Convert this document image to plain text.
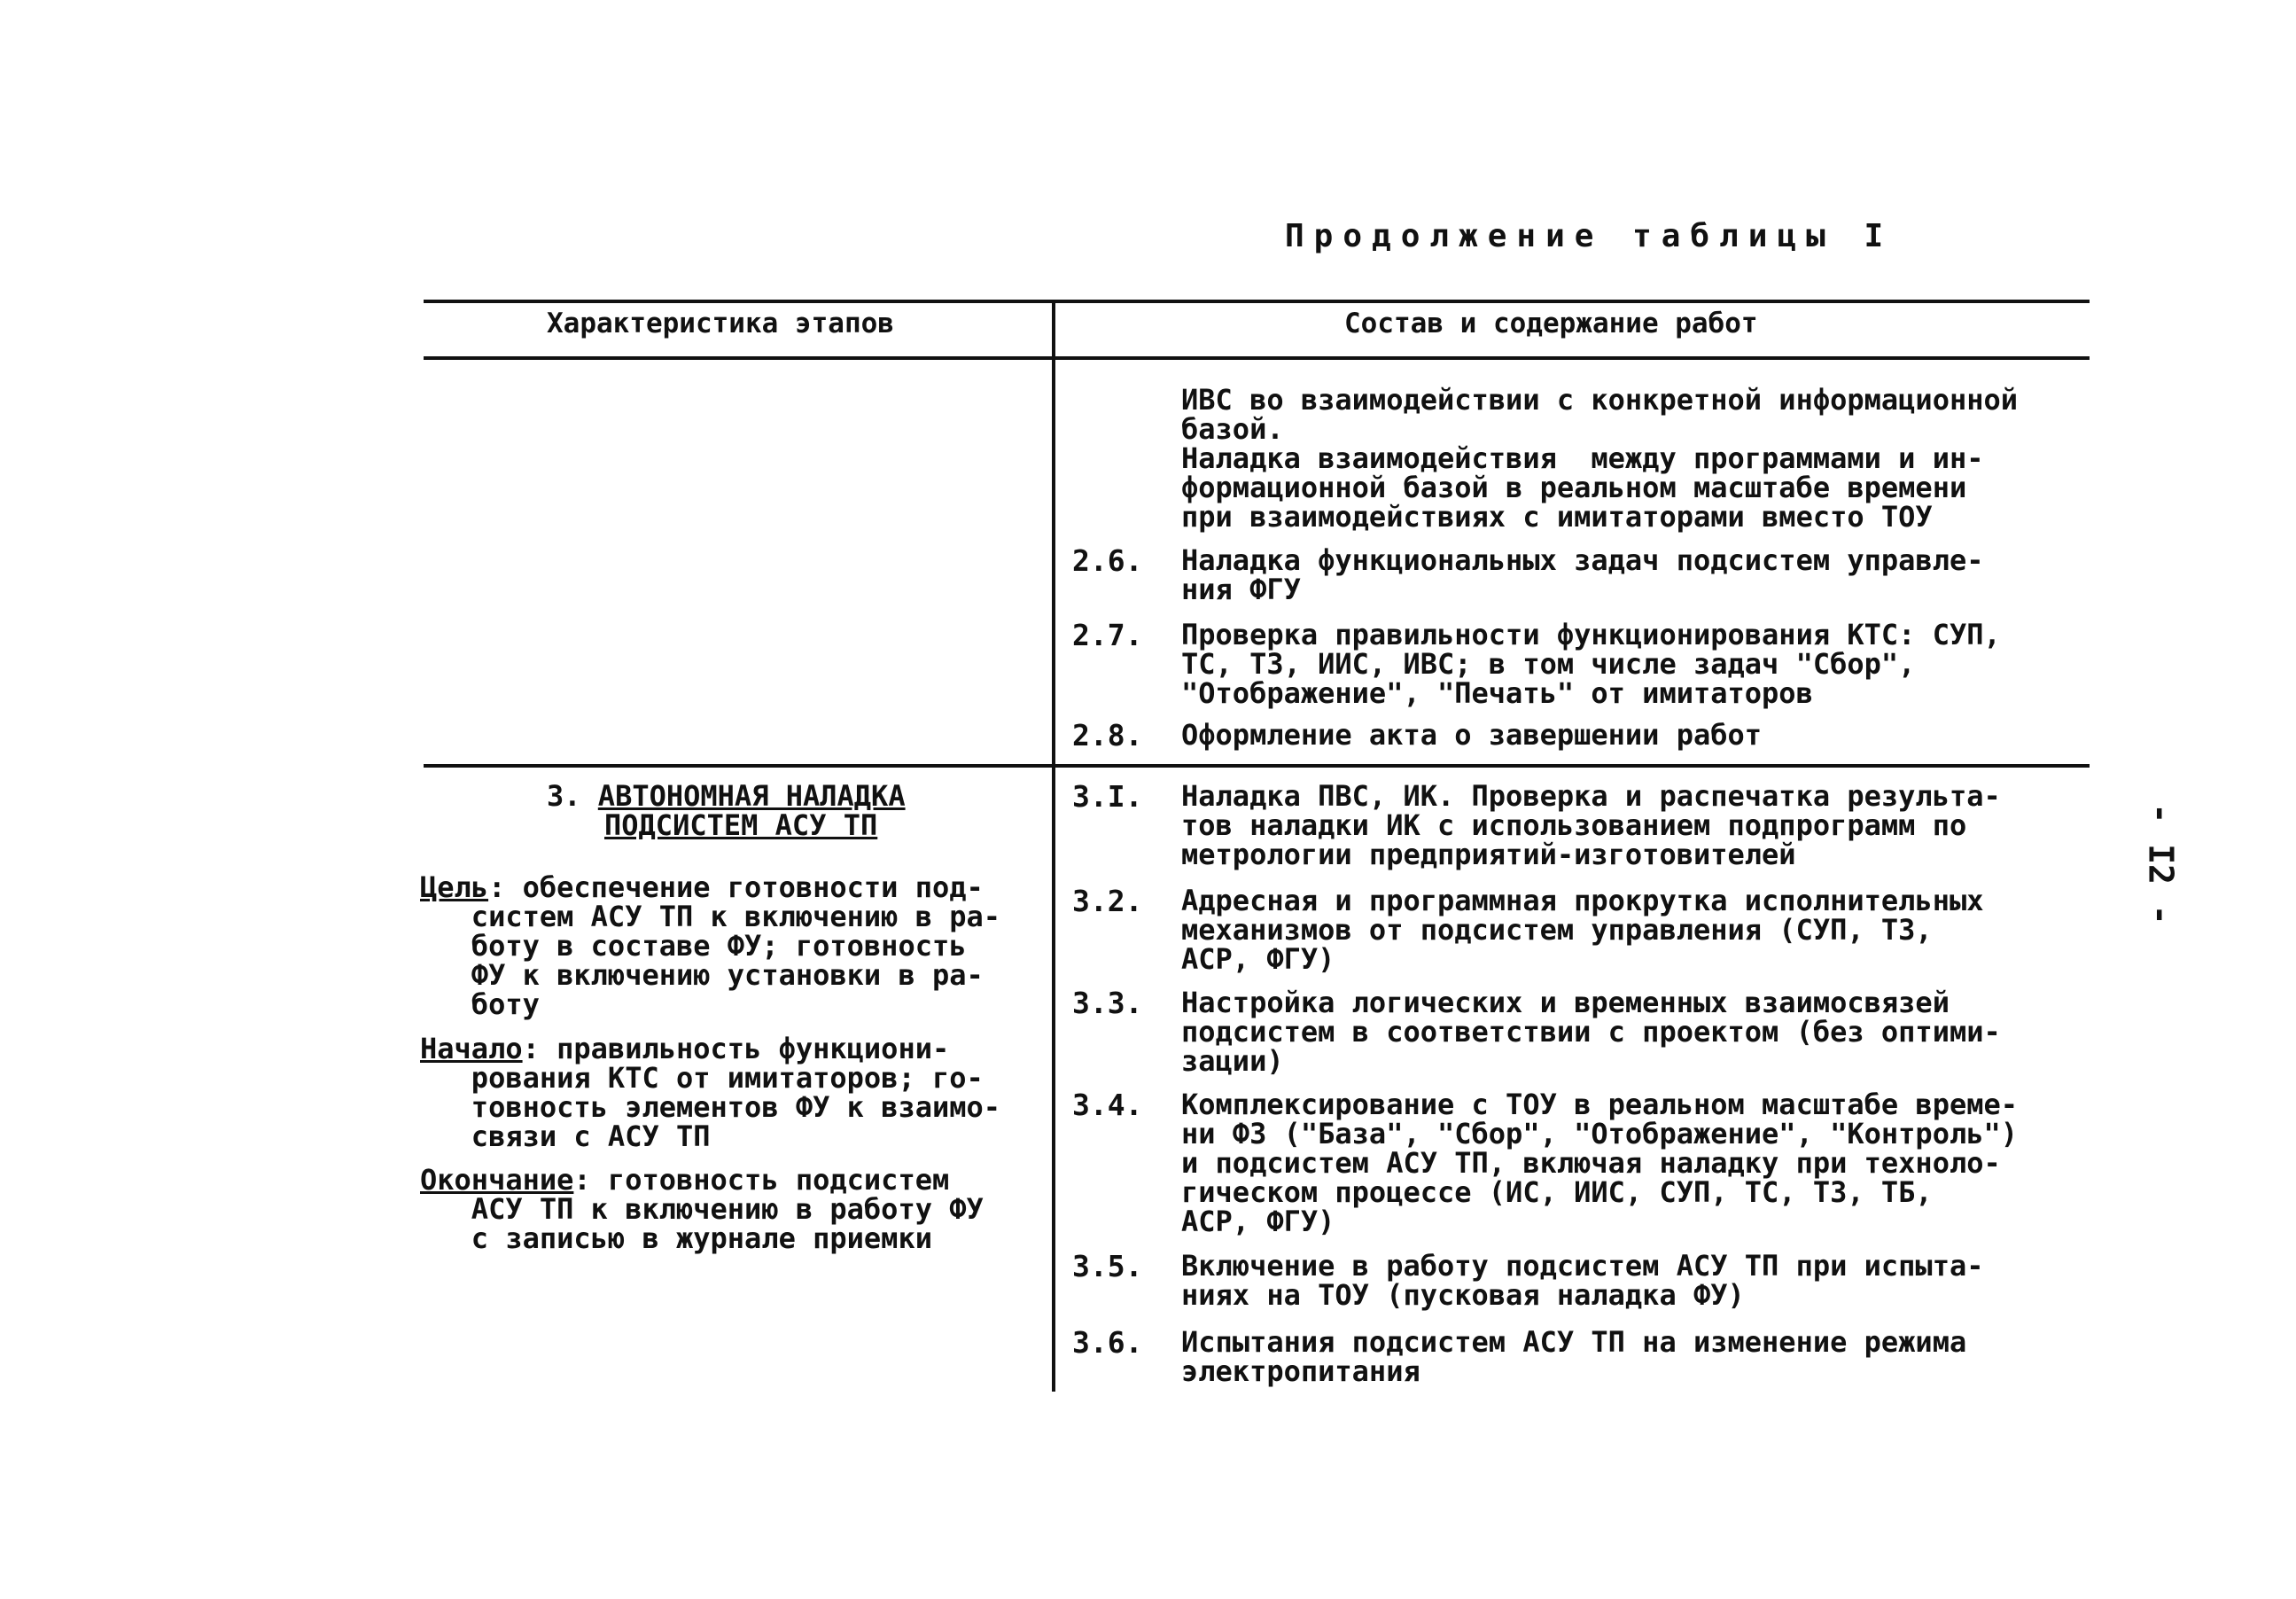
Продолжение таблицы I
Характеристика этапов	Состав и содержание работ
ИВС во взаимодействии с конкретной информационной
базой.
Наладка взаимодействия  между программами и ин-
формационной базой в реальном масштабе времени
при взаимодействиях с имитаторами вместо ТОУ
2.6. Наладка функциональных задач подсистем управле-
ния ФГУ
2.7. Проверка правильности функционирования КТС: СУП,
ТС, ТЗ, ИИС, ИВС; в том числе задач "Сбор",
"Отображение", "Печать" от имитаторов
2.8. Оформление акта о завершении работ
3. АВТОНОМНАЯ НАЛАДКА
ПОДСИСТЕМ АСУ ТП
Цель: обеспечение готовности под-
систем АСУ ТП к включению в ра-
боту в составе ФУ; готовность
ФУ к включению установки в ра-
боту
Начало: правильность функциони-
рования КТС от имитаторов; го-
товность элементов ФУ к взаимо-
связи с АСУ ТП
Окончание: готовность подсистем
АСУ ТП к включению в работу ФУ
с записью в журнале приемки
3.I. Наладка ПВС, ИК. Проверка и распечатка результа-
тов наладки ИК с использованием подпрограмм по
метрологии предприятий-изготовителей
3.2. Адресная и программная прокрутка исполнительных
механизмов от подсистем управления (СУП, ТЗ,
АСР, ФГУ)
3.3. Настройка логических и временных взаимосвязей
подсистем в соответствии с проектом (без оптими-
зации)
3.4. Комплексирование с ТОУ в реальном масштабе време-
ни ФЗ ("База", "Сбор", "Отображение", "Контроль")
и подсистем АСУ ТП, включая наладку при техноло-
гическом процессе (ИС, ИИС, СУП, ТС, ТЗ, ТБ,
АСР, ФГУ)
3.5. Включение в работу подсистем АСУ ТП при испыта-
ниях на ТОУ (пусковая наладка ФУ)
3.6. Испытания подсистем АСУ ТП на изменение режима
электропитания
- I2 -
